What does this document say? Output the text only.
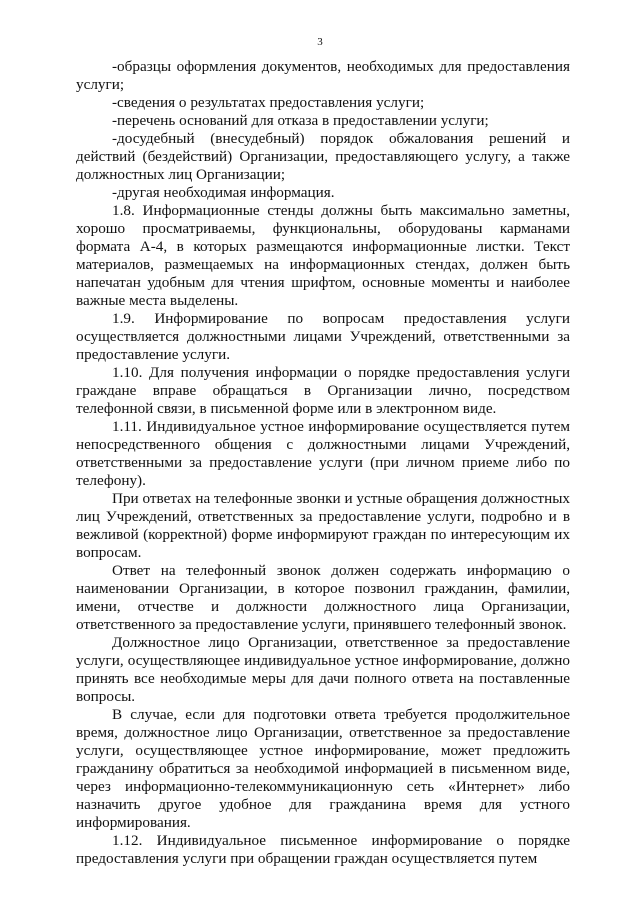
3

-образцы оформления документов, необходимых для предоставления услуги;

-сведения о результатах предоставления услуги;

-перечень оснований для отказа в предоставлении услуги;

-досудебный (внесудебный) порядок обжалования решений и действий (бездействий) Организации, предоставляющего услугу, а также должностных лиц Организации;

-другая необходимая информация.

1.8. Информационные стенды должны быть максимально заметны, хорошо просматриваемы, функциональны, оборудованы карманами формата А-4, в которых размещаются информационные листки. Текст материалов, размещаемых на информационных стендах, должен быть напечатан удобным для чтения шрифтом, основные моменты и наиболее важные места выделены.

1.9. Информирование по вопросам предоставления услуги осуществляется должностными лицами Учреждений, ответственными за предоставление услуги.

1.10. Для получения информации о порядке предоставления услуги граждане вправе обращаться в Организации лично, посредством телефонной связи, в письменной форме или в электронном виде.

1.11. Индивидуальное устное информирование осуществляется путем непосредственного общения с должностными лицами Учреждений, ответственными за предоставление услуги (при личном приеме либо по телефону).

При ответах на телефонные звонки и устные обращения должностных лиц Учреждений, ответственных за предоставление услуги, подробно и в вежливой (корректной) форме информируют граждан по интересующим их вопросам.

Ответ на телефонный звонок должен содержать информацию о наименовании Организации, в которое позвонил гражданин, фамилии, имени, отчестве и должности должностного лица Организации, ответственного за предоставление услуги, принявшего телефонный звонок.

Должностное лицо Организации, ответственное за предоставление услуги, осуществляющее индивидуальное устное информирование, должно принять все необходимые меры для дачи полного ответа на поставленные вопросы.

В случае, если для подготовки ответа требуется продолжительное время, должностное лицо Организации, ответственное за предоставление услуги, осуществляющее устное информирование, может предложить гражданину обратиться за необходимой информацией в письменном виде, через информационно-телекоммуникационную сеть «Интернет» либо назначить другое удобное для гражданина время для устного информирования.

1.12. Индивидуальное письменное информирование о порядке предоставления услуги при обращении граждан осуществляется путем
